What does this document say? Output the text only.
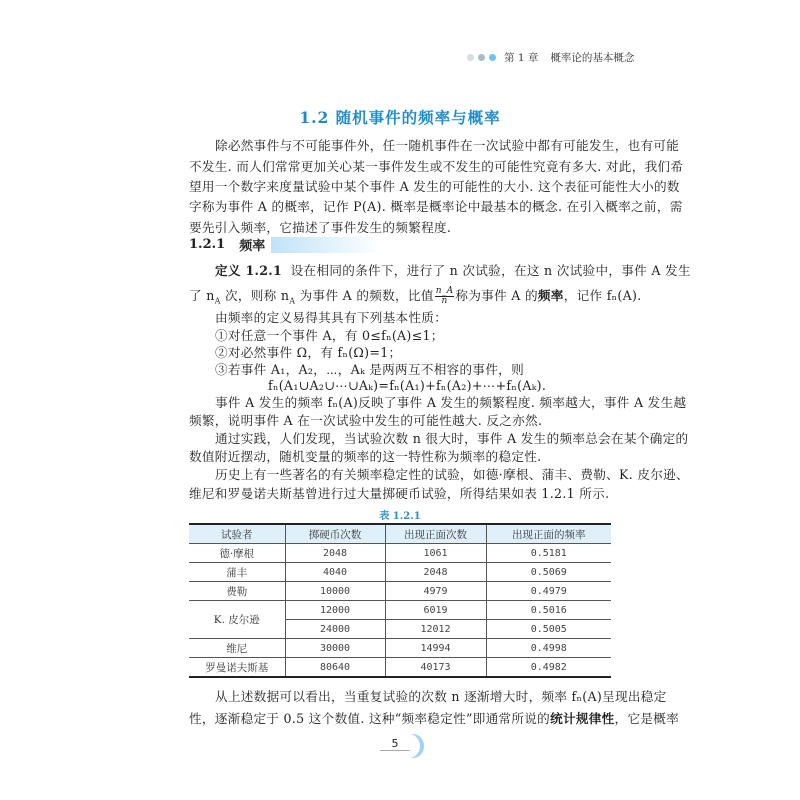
第 1 章 概率论的基本概念
1.2 随机事件的频率与概率
除必然事件与不可能事件外，任一随机事件在一次试验中都有可能发生，也有可能
不发生. 而人们常常更加关心某一事件发生或不发生的可能性究竟有多大. 对此，我们希
望用一个数字来度量试验中某个事件 A 发生的可能性的大小. 这个表征可能性大小的数
字称为事件 A 的概率，记作 P(A). 概率是概率论中最基本的概念. 在引入概率之前，需
要先引入频率，它描述了事件发生的频繁程度.
1.2.1 频率
定义 1.2.1 设在相同的条件下，进行了 n 次试验，在这 n 次试验中，事件 A 发生
了 $n_A$ 次，则称 $n_A$ 为事件 A 的频数，比值 $\frac{n\_A}{n}$ 称为事件 A 的频率，记作 fₙ(A).
由频率的定义易得其具有下列基本性质：
①对任意一个事件 A，有 0≤fₙ(A)≤1；
②对必然事件 Ω，有 fₙ(Ω)=1；
③若事件 A₁，A₂，⋯，Aₖ 是两两互不相容的事件，则
fₙ(A₁∪A₂∪⋯∪Aₖ)=fₙ(A₁)+fₙ(A₂)+⋯+fₙ(Aₖ).
事件 A 发生的频率 fₙ(A)反映了事件 A 发生的频繁程度. 频率越大，事件 A 发生越
频繁，说明事件 A 在一次试验中发生的可能性越大. 反之亦然.
通过实践，人们发现，当试验次数 n 很大时，事件 A 发生的频率总会在某个确定的
数值附近摆动，随机变量的频率的这一特性称为频率的稳定性.
历史上有一些著名的有关频率稳定性的试验，如德·摩根、蒲丰、费勒、K. 皮尔逊、
维尼和罗曼诺夫斯基曾进行过大量掷硬币试验，所得结果如表 1.2.1 所示.
表 1.2.1
试验者	掷硬币次数	出现正面次数	出现正面的频率
德·摩根	2048	1061	0.5181
蒲丰	4040	2048	0.5069
费勒	10000	4979	0.4979
K. 皮尔逊	12000	6019	0.5016
	24000	12012	0.5005
维尼	30000	14994	0.4998
罗曼诺夫斯基	80640	40173	0.4982
从上述数据可以看出，当重复试验的次数 n 逐渐增大时，频率 fₙ(A)呈现出稳定
性，逐渐稳定于 0.5 这个数值. 这种“频率稳定性”即通常所说的统计规律性，它是概率
5
